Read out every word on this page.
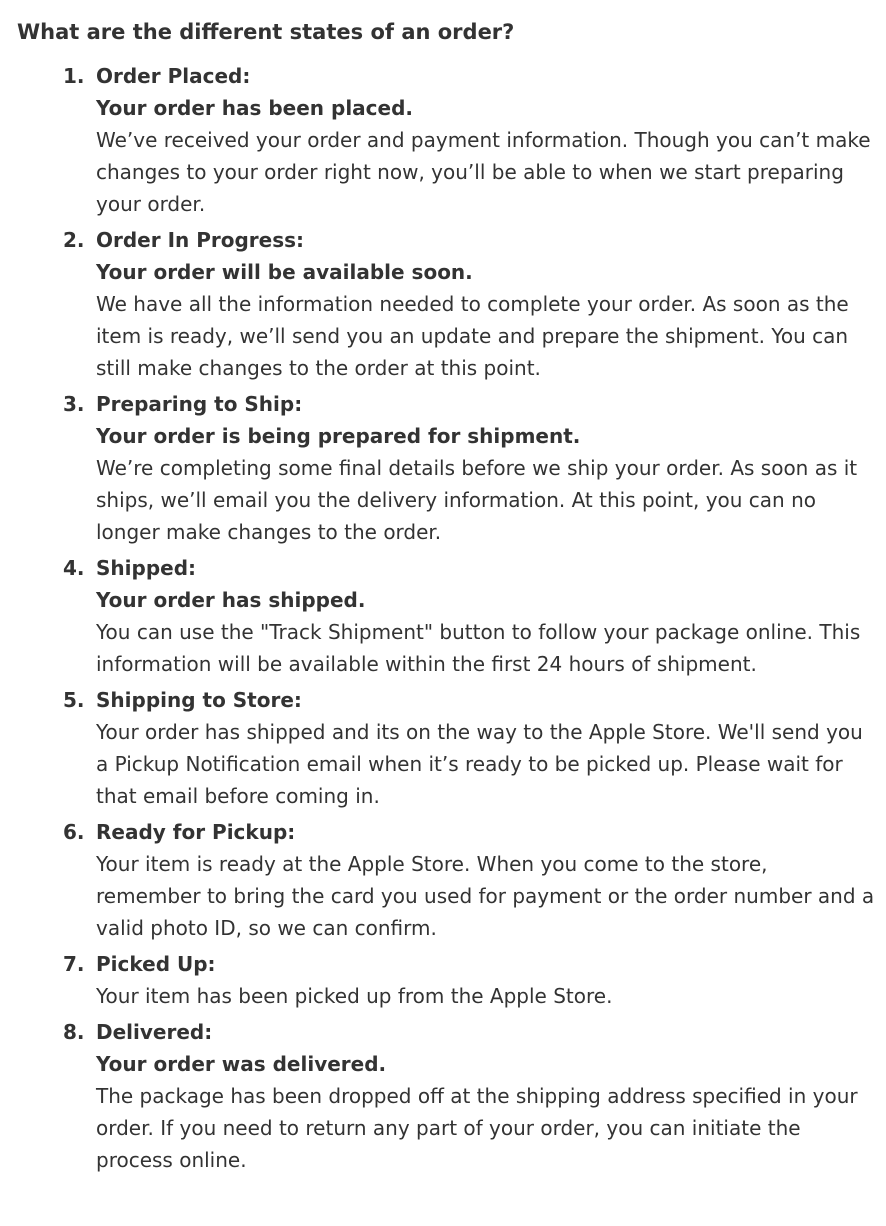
What are the different states of an order?
1. Order Placed:
Your order has been placed.
We’ve received your order and payment information. Though you can’t make changes to your order right now, you’ll be able to when we start preparing your order.
2. Order In Progress:
Your order will be available soon.
We have all the information needed to complete your order. As soon as the item is ready, we’ll send you an update and prepare the shipment. You can still make changes to the order at this point.
3. Preparing to Ship:
Your order is being prepared for shipment.
We’re completing some final details before we ship your order. As soon as it ships, we’ll email you the delivery information. At this point, you can no longer make changes to the order.
4. Shipped:
Your order has shipped.
You can use the "Track Shipment" button to follow your package online. This information will be available within the first 24 hours of shipment.
5. Shipping to Store:
Your order has shipped and its on the way to the Apple Store. We'll send you a Pickup Notification email when it’s ready to be picked up. Please wait for that email before coming in.
6. Ready for Pickup:
Your item is ready at the Apple Store. When you come to the store, remember to bring the card you used for payment or the order number and a valid photo ID, so we can confirm.
7. Picked Up:
Your item has been picked up from the Apple Store.
8. Delivered:
Your order was delivered.
The package has been dropped off at the shipping address specified in your order. If you need to return any part of your order, you can initiate the process online.
